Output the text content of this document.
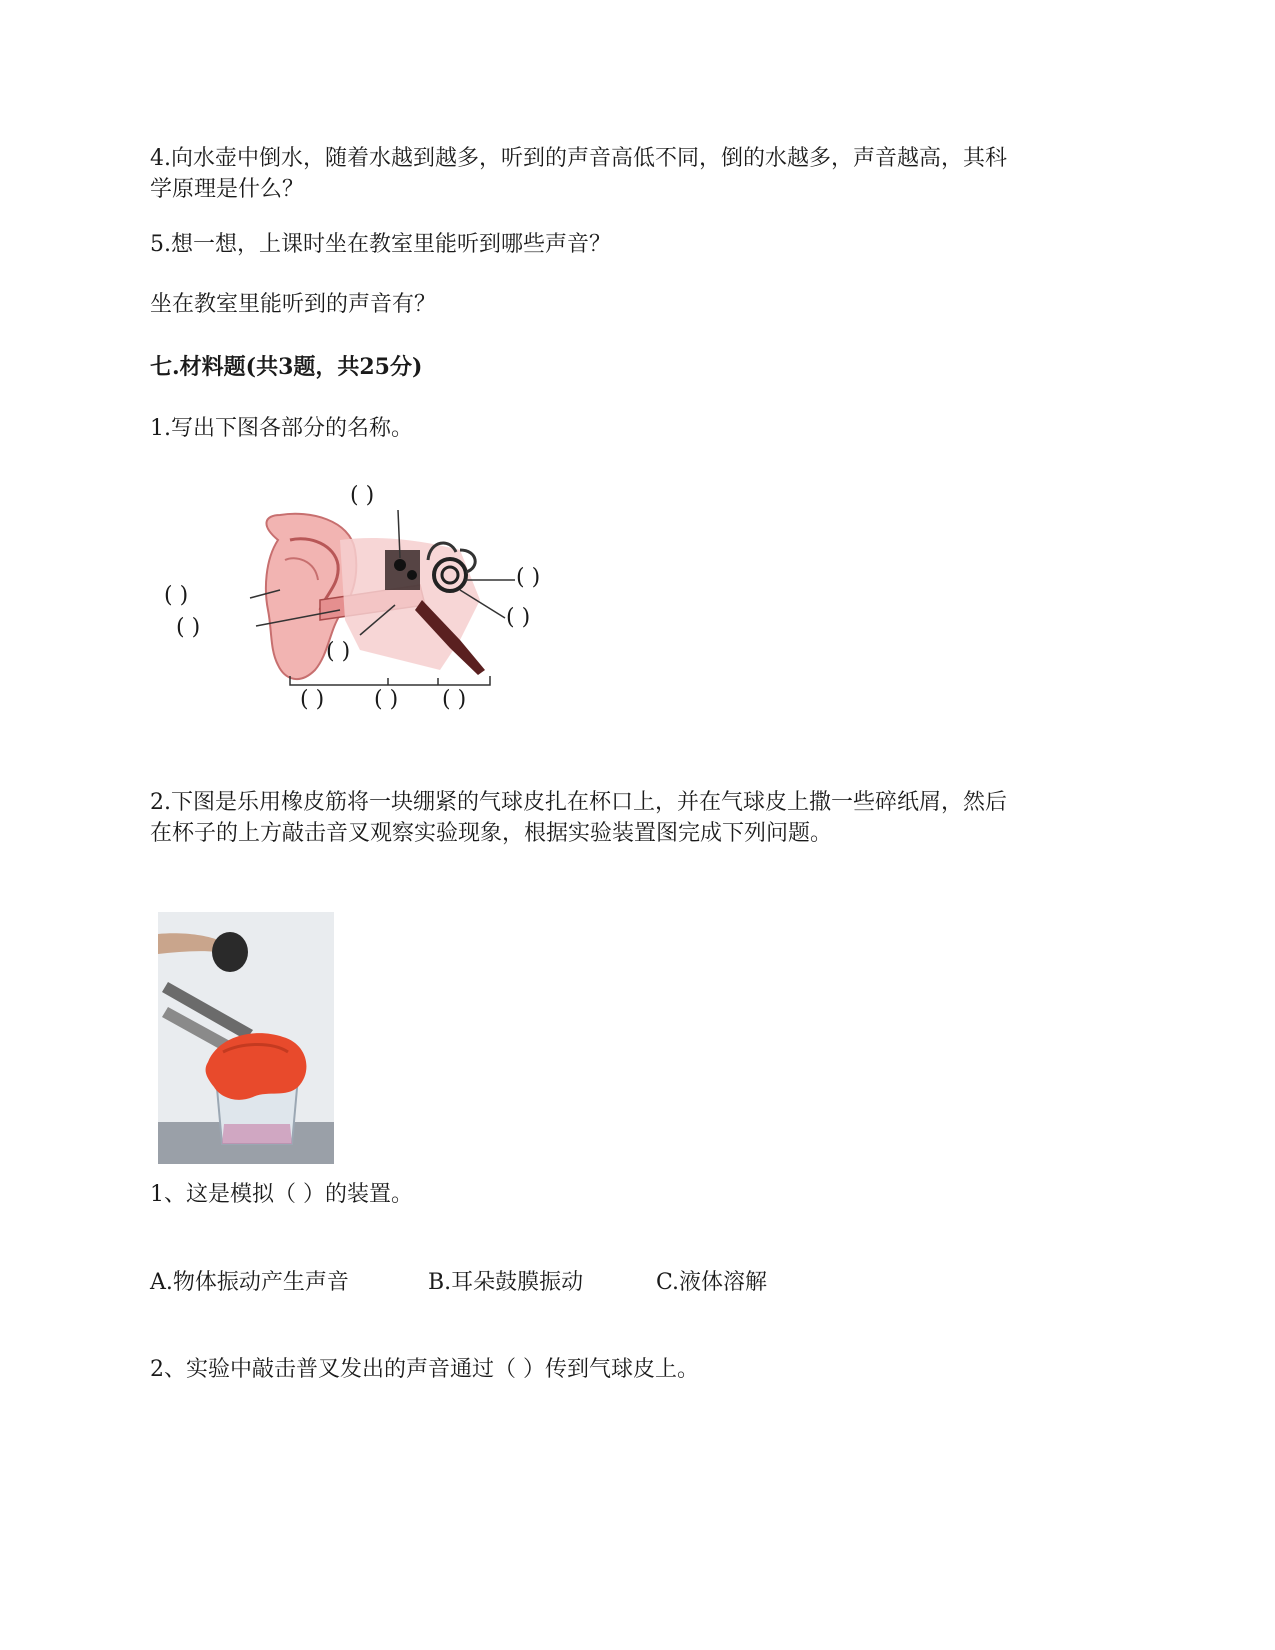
4.向水壶中倒水，随着水越到越多，听到的声音高低不同，倒的水越多，声音越高，其科
学原理是什么？
5.想一想，上课时坐在教室里能听到哪些声音？
坐在教室里能听到的声音有？
七.材料题(共3题，共25分)
1.写出下图各部分的名称。
( )
( )
( )
( )
( )
( )
( ) ( ) ( )
2.下图是乐用橡皮筋将一块绷紧的气球皮扎在杯口上，并在气球皮上撒一些碎纸屑，然后
在杯子的上方敲击音叉观察实验现象，根据实验装置图完成下列问题。
1、这是模拟（ ）的装置。
A.物体振动产生声音	B.耳朵鼓膜振动	C.液体溶解
2、实验中敲击普叉发出的声音通过（ ）传到气球皮上。
